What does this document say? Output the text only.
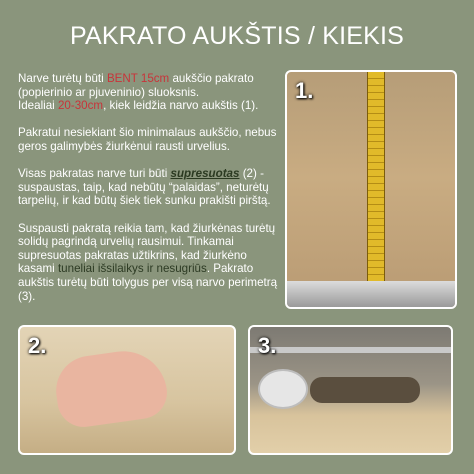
PAKRATO AUKŠTIS / KIEKIS

Narve turėtų būti BENT 15cm aukščio pakrato (popierinio ar pjuveninio) sluoksnis.
Idealiai 20-30cm, kiek leidžia narvo aukštis (1).

Pakratui nesiekiant šio minimalaus aukščio, nebus geros galimybės žiurkėnui rausti urvelius.

Visas pakratas narve turi būti supresuotas (2) - suspaustas, taip, kad nebūtų “palaidas”, neturėtų tarpelių, ir kad būtų šiek tiek sunku prakišti pirštą.

Suspausti pakratą reikia tam, kad žiurkėnas turėtų solidų pagrindą urvelių rausimui. Tinkamai supresuotas pakratas užtikrins, kad žiurkėno kasami tuneliai išsilaikys ir nesugriūs. Pakrato aukštis turėtų būti tolygus per visą narvo perimetrą (3).

1.
2.	3.
